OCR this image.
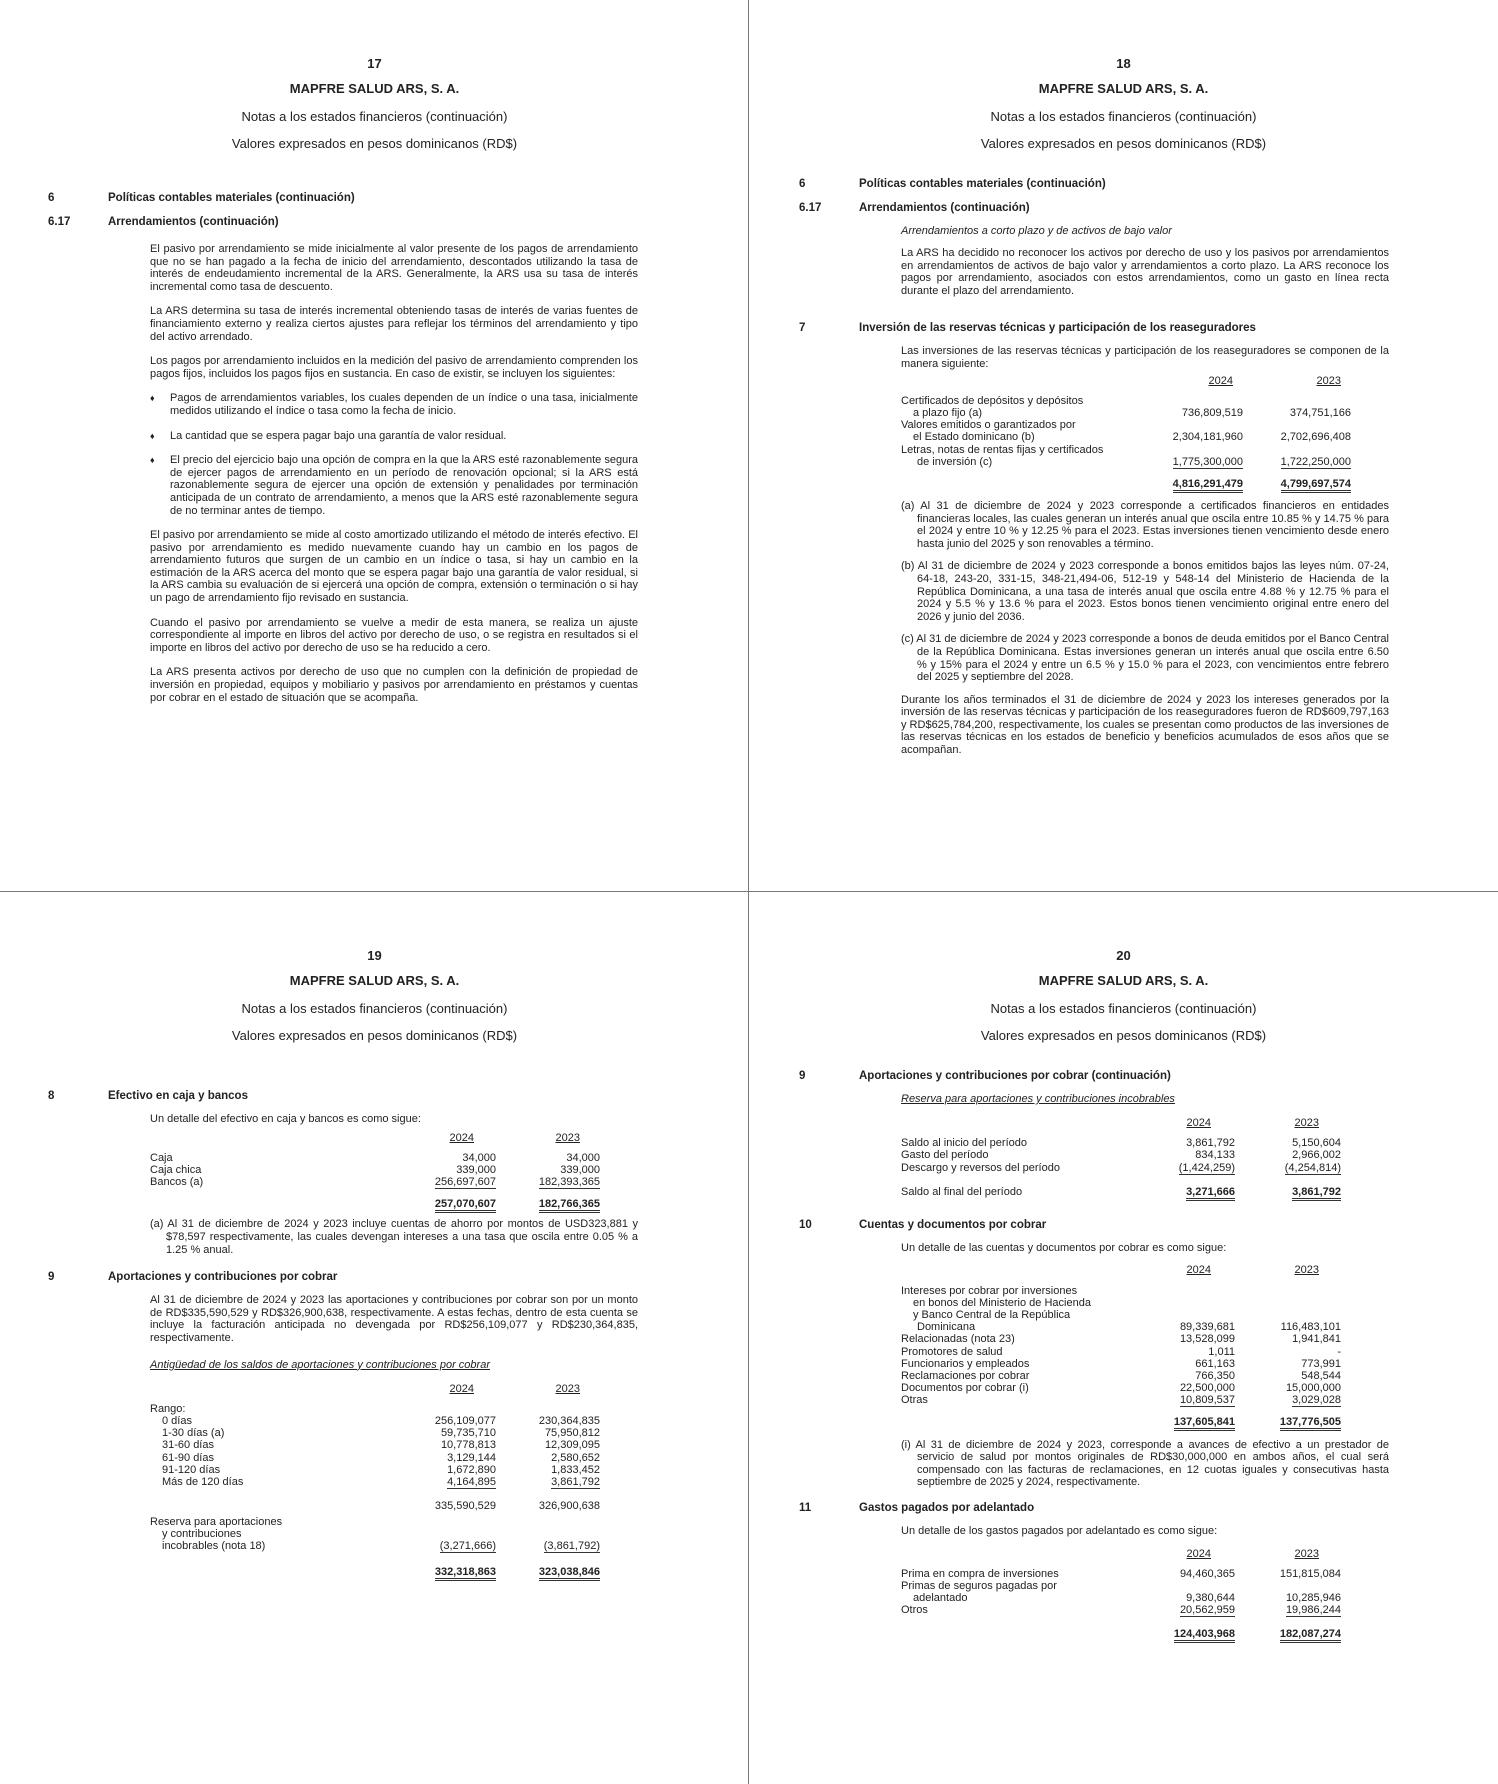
17
MAPFRE SALUD ARS, S. A.
Notas a los estados financieros (continuación)
Valores expresados en pesos dominicanos (RD$)
6	Políticas contables materiales (continuación)
6.17	Arrendamientos (continuación)

El pasivo por arrendamiento se mide inicialmente al valor presente de los pagos de arrendamiento que no se han pagado a la fecha de inicio del arrendamiento, descontados utilizando la tasa de interés de endeudamiento incremental de la ARS. Generalmente, la ARS usa su tasa de interés incremental como tasa de descuento.

La ARS determina su tasa de interés incremental obteniendo tasas de interés de varias fuentes de financiamiento externo y realiza ciertos ajustes para reflejar los términos del arrendamiento y tipo del activo arrendado.

Los pagos por arrendamiento incluidos en la medición del pasivo de arrendamiento comprenden los pagos fijos, incluidos los pagos fijos en sustancia. En caso de existir, se incluyen los siguientes:

♦ Pagos de arrendamientos variables, los cuales dependen de un índice o una tasa, inicialmente medidos utilizando el índice o tasa como la fecha de inicio.

♦ La cantidad que se espera pagar bajo una garantía de valor residual.

♦ El precio del ejercicio bajo una opción de compra en la que la ARS esté razonablemente segura de ejercer pagos de arrendamiento en un período de renovación opcional; si la ARS está razonablemente segura de ejercer una opción de extensión y penalidades por terminación anticipada de un contrato de arrendamiento, a menos que la ARS esté razonablemente segura de no terminar antes de tiempo.

El pasivo por arrendamiento se mide al costo amortizado utilizando el método de interés efectivo. El pasivo por arrendamiento es medido nuevamente cuando hay un cambio en los pagos de arrendamiento futuros que surgen de un cambio en un índice o tasa, si hay un cambio en la estimación de la ARS acerca del monto que se espera pagar bajo una garantía de valor residual, si la ARS cambia su evaluación de si ejercerá una opción de compra, extensión o terminación o si hay un pago de arrendamiento fijo revisado en sustancia.

Cuando el pasivo por arrendamiento se vuelve a medir de esta manera, se realiza un ajuste correspondiente al importe en libros del activo por derecho de uso, o se registra en resultados si el importe en libros del activo por derecho de uso se ha reducido a cero.

La ARS presenta activos por derecho de uso que no cumplen con la definición de propiedad de inversión en propiedad, equipos y mobiliario y pasivos por arrendamiento en préstamos y cuentas por cobrar en el estado de situación que se acompaña.

18
MAPFRE SALUD ARS, S. A.
Notas a los estados financieros (continuación)
Valores expresados en pesos dominicanos (RD$)
6	Políticas contables materiales (continuación)
6.17	Arrendamientos (continuación)
Arrendamientos a corto plazo y de activos de bajo valor

La ARS ha decidido no reconocer los activos por derecho de uso y los pasivos por arrendamientos en arrendamientos de activos de bajo valor y arrendamientos a corto plazo. La ARS reconoce los pagos por arrendamiento, asociados con estos arrendamientos, como un gasto en línea recta durante el plazo del arrendamiento.

7	Inversión de las reservas técnicas y participación de los reaseguradores

Las inversiones de las reservas técnicas y participación de los reaseguradores se componen de la manera siguiente:

	2024	2023
Certificados de depósitos y depósitos		
a plazo fijo (a)	736,809,519	374,751,166
Valores emitidos o garantizados por		
el Estado dominicano (b)	2,304,181,960	2,702,696,408
Letras, notas de rentas fijas y certificados		
de inversión (c)	1,775,300,000	1,722,250,000
	4,816,291,479	4,799,697,574

(a) Al 31 de diciembre de 2024 y 2023 corresponde a certificados financieros en entidades financieras locales, las cuales generan un interés anual que oscila entre 10.85 % y 14.75 % para el 2024 y entre 10 % y 12.25 % para el 2023. Estas inversiones tienen vencimiento desde enero hasta junio del 2025 y son renovables a término.

(b) Al 31 de diciembre de 2024 y 2023 corresponde a bonos emitidos bajos las leyes núm. 07-24, 64-18, 243-20, 331-15, 348-21,494-06, 512-19 y 548-14 del Ministerio de Hacienda de la República Dominicana, a una tasa de interés anual que oscila entre 4.88 % y 12.75 % para el 2024 y 5.5 % y 13.6 % para el 2023. Estos bonos tienen vencimiento original entre enero del 2026 y junio del 2036.

(c) Al 31 de diciembre de 2024 y 2023 corresponde a bonos de deuda emitidos por el Banco Central de la República Dominicana. Estas inversiones generan un interés anual que oscila entre 6.50 % y 15% para el 2024 y entre un 6.5 % y 15.0 % para el 2023, con vencimientos entre febrero del 2025 y septiembre del 2028.

Durante los años terminados el 31 de diciembre de 2024 y 2023 los intereses generados por la inversión de las reservas técnicas y participación de los reaseguradores fueron de RD$609,797,163 y RD$625,784,200, respectivamente, los cuales se presentan como productos de las inversiones de las reservas técnicas en los estados de beneficio y beneficios acumulados de esos años que se acompañan.

19
MAPFRE SALUD ARS, S. A.
Notas a los estados financieros (continuación)
Valores expresados en pesos dominicanos (RD$)
8	Efectivo en caja y bancos

Un detalle del efectivo en caja y bancos es como sigue:

	2024	2023
Caja	34,000	34,000
Caja chica	339,000	339,000
Bancos (a)	256,697,607	182,393,365
	257,070,607	182,766,365

(a) Al 31 de diciembre de 2024 y 2023 incluye cuentas de ahorro por montos de USD323,881 y $78,597 respectivamente, las cuales devengan intereses a una tasa que oscila entre 0.05 % a 1.25 % anual.

9	Aportaciones y contribuciones por cobrar

Al 31 de diciembre de 2024 y 2023 las aportaciones y contribuciones por cobrar son por un monto de RD$335,590,529 y RD$326,900,638, respectivamente. A estas fechas, dentro de esta cuenta se incluye la facturación anticipada no devengada por RD$256,109,077 y RD$230,364,835, respectivamente.

Antigüedad de los saldos de aportaciones y contribuciones por cobrar
	2024	2023
Rango:		
0 días	256,109,077	230,364,835
1-30 días (a)	59,735,710	75,950,812
31-60 días	10,778,813	12,309,095
61-90 días	3,129,144	2,580,652
91-120 días	1,672,890	1,833,452
Más de 120 días	4,164,895	3,861,792
	335,590,529	326,900,638
Reserva para aportaciones		
y contribuciones		
incobrables (nota 18)	(3,271,666)	(3,861,792)
	332,318,863	323,038,846
20
MAPFRE SALUD ARS, S. A.
Notas a los estados financieros (continuación)
Valores expresados en pesos dominicanos (RD$)
9	Aportaciones y contribuciones por cobrar (continuación)
Reserva para aportaciones y contribuciones incobrables
	2024	2023
Saldo al inicio del período	3,861,792	5,150,604
Gasto del período	834,133	2,966,002
Descargo y reversos del período	(1,424,259)	(4,254,814)
Saldo al final del período	3,271,666	3,861,792
10	Cuentas y documentos por cobrar

Un detalle de las cuentas y documentos por cobrar es como sigue:

	2024	2023
Intereses por cobrar por inversiones		
en bonos del Ministerio de Hacienda		
y Banco Central de la República		
Dominicana	89,339,681	116,483,101
Relacionadas (nota 23)	13,528,099	1,941,841
Promotores de salud	1,011	-
Funcionarios y empleados	661,163	773,991
Reclamaciones por cobrar	766,350	548,544
Documentos por cobrar (i)	22,500,000	15,000,000
Otras	10,809,537	3,029,028
	137,605,841	137,776,505

(i) Al 31 de diciembre de 2024 y 2023, corresponde a avances de efectivo a un prestador de servicio de salud por montos originales de RD$30,000,000 en ambos años, el cual será compensado con las facturas de reclamaciones, en 12 cuotas iguales y consecutivas hasta septiembre de 2025 y 2024, respectivamente.

11	Gastos pagados por adelantado

Un detalle de los gastos pagados por adelantado es como sigue:

	2024	2023
Prima en compra de inversiones	94,460,365	151,815,084
Primas de seguros pagadas por		
adelantado	9,380,644	10,285,946
Otros	20,562,959	19,986,244
	124,403,968	182,087,274
